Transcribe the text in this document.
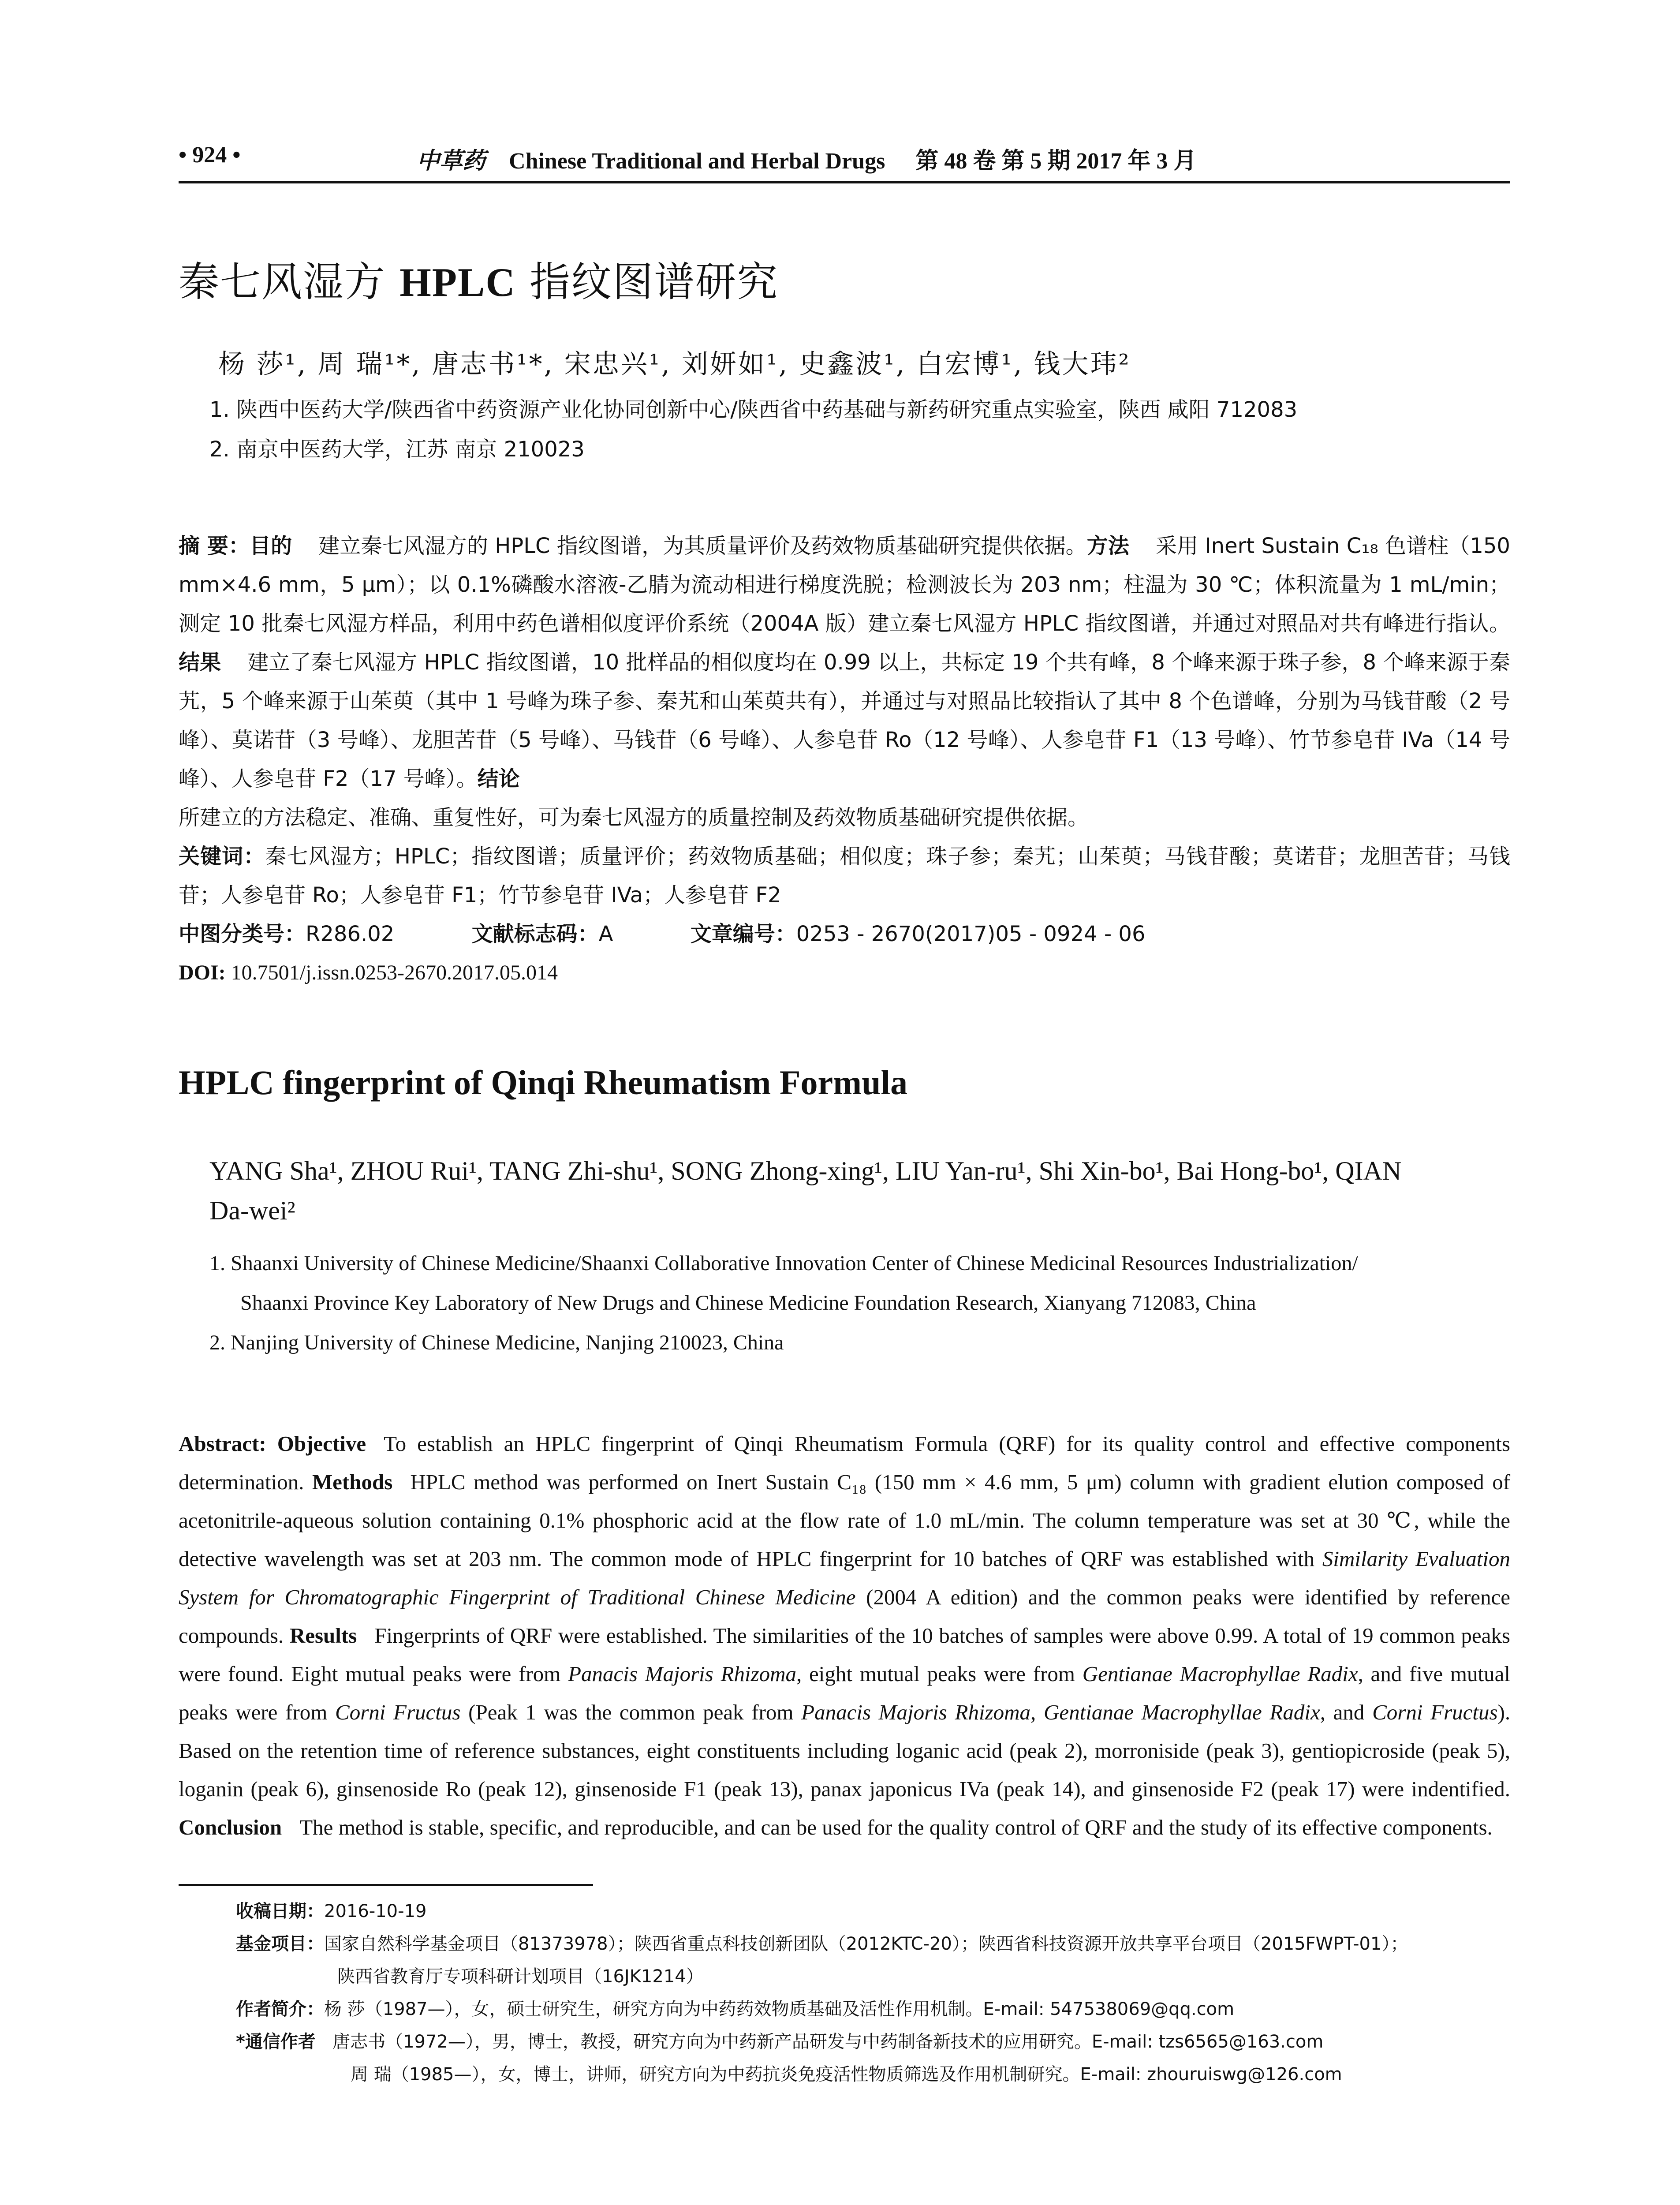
• 924 •	中草药 Chinese Traditional and Herbal Drugs 第 48 卷 第 5 期 2017 年 3 月
秦七风湿方 HPLC 指纹图谱研究
杨 莎¹, 周 瑞¹*, 唐志书¹*, 宋忠兴¹, 刘妍如¹, 史鑫波¹, 白宏博¹, 钱大玮²
1. 陕西中医药大学/陕西省中药资源产业化协同创新中心/陕西省中药基础与新药研究重点实验室，陕西 咸阳 712083
2. 南京中医药大学，江苏 南京 210023
摘 要：目的 建立秦七风湿方的 HPLC 指纹图谱，为其质量评价及药效物质基础研究提供依据。方法 采用 Inert Sustain C₁₈ 色谱柱（150 mm×4.6 mm，5 μm）；以 0.1%磷酸水溶液-乙腈为流动相进行梯度洗脱；检测波长为 203 nm；柱温为 30 ℃；体积流量为 1 mL/min；测定 10 批秦七风湿方样品，利用中药色谱相似度评价系统（2004A 版）建立秦七风湿方 HPLC 指纹图谱，并通过对照品对共有峰进行指认。结果 建立了秦七风湿方 HPLC 指纹图谱，10 批样品的相似度均在 0.99 以上，共标定 19 个共有峰，8 个峰来源于珠子参，8 个峰来源于秦艽，5 个峰来源于山茱萸（其中 1 号峰为珠子参、秦艽和山茱萸共有），并通过与对照品比较指认了其中 8 个色谱峰，分别为马钱苷酸（2 号峰）、莫诺苷（3 号峰）、龙胆苦苷（5 号峰）、马钱苷（6 号峰）、人参皂苷 Ro（12 号峰）、人参皂苷 F1（13 号峰）、竹节参皂苷 IVa（14 号峰）、人参皂苷 F2（17 号峰）。结论
所建立的方法稳定、准确、重复性好，可为秦七风湿方的质量控制及药效物质基础研究提供依据。
关键词：秦七风湿方；HPLC；指纹图谱；质量评价；药效物质基础；相似度；珠子参；秦艽；山茱萸；马钱苷酸；莫诺苷；龙胆苦苷；马钱苷；人参皂苷 Ro；人参皂苷 F1；竹节参皂苷 IVa；人参皂苷 F2
中图分类号：R286.02	文献标志码：A	文章编号：0253 - 2670(2017)05 - 0924 - 06
DOI: 10.7501/j.issn.0253-2670.2017.05.014
HPLC fingerprint of Qinqi Rheumatism Formula
YANG Sha¹, ZHOU Rui¹, TANG Zhi-shu¹, SONG Zhong-xing¹, LIU Yan-ru¹, Shi Xin-bo¹, Bai Hong-bo¹, QIAN Da-wei²
1. Shaanxi University of Chinese Medicine/Shaanxi Collaborative Innovation Center of Chinese Medicinal Resources Industrialization/
Shaanxi Province Key Laboratory of New Drugs and Chinese Medicine Foundation Research, Xianyang 712083, China
2. Nanjing University of Chinese Medicine, Nanjing 210023, China
Abstract: Objective To establish an HPLC fingerprint of Qinqi Rheumatism Formula (QRF) for its quality control and effective components determination. Methods HPLC method was performed on Inert Sustain C₁₈ (150 mm × 4.6 mm, 5 μm) column with gradient elution composed of acetonitrile-aqueous solution containing 0.1% phosphoric acid at the flow rate of 1.0 mL/min. The column temperature was set at 30 ℃, while the detective wavelength was set at 203 nm. The common mode of HPLC fingerprint for 10 batches of QRF was established with Similarity Evaluation System for Chromatographic Fingerprint of Traditional Chinese Medicine (2004 A edition) and the common peaks were identified by reference compounds. Results Fingerprints of QRF were established. The similarities of the 10 batches of samples were above 0.99. A total of 19 common peaks were found. Eight mutual peaks were from Panacis Majoris Rhizoma, eight mutual peaks were from Gentianae Macrophyllae Radix, and five mutual peaks were from Corni Fructus (Peak 1 was the common peak from Panacis Majoris Rhizoma, Gentianae Macrophyllae Radix, and Corni Fructus). Based on the retention time of reference substances, eight constituents including loganic acid (peak 2), morroniside (peak 3), gentiopicroside (peak 5), loganin (peak 6), ginsenoside Ro (peak 12), ginsenoside F1 (peak 13), panax japonicus IVa (peak 14), and ginsenoside F2 (peak 17) were indentified. Conclusion The method is stable, specific, and reproducible, and can be used for the quality control of QRF and the study of its effective components.
收稿日期：2016-10-19
基金项目：国家自然科学基金项目（81373978）；陕西省重点科技创新团队（2012KTC-20）；陕西省科技资源开放共享平台项目（2015FWPT-01）；
陕西省教育厅专项科研计划项目（16JK1214）
作者简介：杨 莎（1987—），女，硕士研究生，研究方向为中药药效物质基础及活性作用机制。E-mail: 547538069@qq.com
*通信作者 唐志书（1972—），男，博士，教授，研究方向为中药新产品研发与中药制备新技术的应用研究。E-mail: tzs6565@163.com
周 瑞（1985—），女，博士，讲师，研究方向为中药抗炎免疫活性物质筛选及作用机制研究。E-mail: zhouruiswg@126.com
